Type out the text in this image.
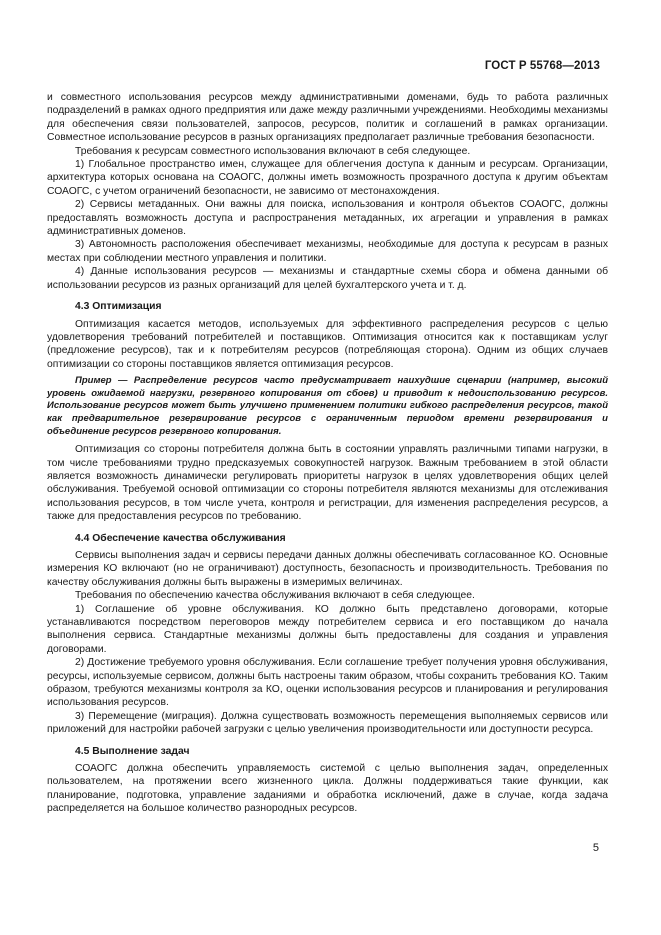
ГОСТ Р 55768—2013

и совместного использования ресурсов между административными доменами, будь то работа различных подразделений в рамках одного предприятия или даже между различными учреждениями. Необходимы механизмы для обеспечения связи пользователей, запросов, ресурсов, политик и соглашений в рамках организации. Совместное использование ресурсов в разных организациях предполагает различные требования безопасности.

Требования к ресурсам совместного использования включают в себя следующее.

1) Глобальное пространство имен, служащее для облегчения доступа к данным и ресурсам. Организации, архитектура которых основана на СОАОГС, должны иметь возможность прозрачного доступа к другим объектам СОАОГС, с учетом ограничений безопасности, не зависимо от местонахождения.

2) Сервисы метаданных. Они важны для поиска, использования и контроля объектов СОАОГС, должны предоставлять возможность доступа и распространения метаданных, их агрегации и управления в рамках административных доменов.

3) Автономность расположения обеспечивает механизмы, необходимые для доступа к ресурсам в разных местах при соблюдении местного управления и политики.

4) Данные использования ресурсов — механизмы и стандартные схемы сбора и обмена данными об использовании ресурсов из разных организаций для целей бухгалтерского учета и т. д.

4.3 Оптимизация

Оптимизация касается методов, используемых для эффективного распределения ресурсов с целью удовлетворения требований потребителей и поставщиков. Оптимизация относится как к поставщикам услуг (предложение ресурсов), так и к потребителям ресурсов (потребляющая сторона). Одним из общих случаев оптимизации со стороны поставщиков является оптимизация ресурсов.

Пример — Распределение ресурсов часто предусматривает наихудшие сценарии (например, высокий уровень ожидаемой нагрузки, резервного копирования от сбоев) и приводит к недоиспользованию ресурсов. Использование ресурсов может быть улучшено применением политики гибкого распределения ресурсов, такой как предварительное резервирование ресурсов с ограниченным периодом времени резервирования и объединение ресурсов резервного копирования.

Оптимизация со стороны потребителя должна быть в состоянии управлять различными типами нагрузки, в том числе требованиями трудно предсказуемых совокупностей нагрузок. Важным требованием в этой области является возможность динамически регулировать приоритеты нагрузок в целях удовлетворения общих целей обслуживания. Требуемой основой оптимизации со стороны потребителя являются механизмы для отслеживания использования ресурсов, в том числе учета, контроля и регистрации, для изменения распределения ресурсов, а также для предоставления ресурсов по требованию.

4.4 Обеспечение качества обслуживания

Сервисы выполнения задач и сервисы передачи данных должны обеспечивать согласованное КО. Основные измерения КО включают (но не ограничивают) доступность, безопасность и производительность. Требования по качеству обслуживания должны быть выражены в измеримых величинах.

Требования по обеспечению качества обслуживания включают в себя следующее.

1) Соглашение об уровне обслуживания. КО должно быть представлено договорами, которые устанавливаются посредством переговоров между потребителем сервиса и его поставщиком до начала выполнения сервиса. Стандартные механизмы должны быть предоставлены для создания и управления договорами.

2) Достижение требуемого уровня обслуживания. Если соглашение требует получения уровня обслуживания, ресурсы, используемые сервисом, должны быть настроены таким образом, чтобы сохранить требования КО. Таким образом, требуются механизмы контроля за КО, оценки использования ресурсов и планирования и регулирования использования ресурсов.

3) Перемещение (миграция). Должна существовать возможность перемещения выполняемых сервисов или приложений для настройки рабочей загрузки с целью увеличения производительности или доступности ресурса.

4.5 Выполнение задач

СОАОГС должна обеспечить управляемость системой с целью выполнения задач, определенных пользователем, на протяжении всего жизненного цикла. Должны поддерживаться такие функции, как планирование, подготовка, управление заданиями и обработка исключений, даже в случае, когда задача распределяется на большое количество разнородных ресурсов.

5
